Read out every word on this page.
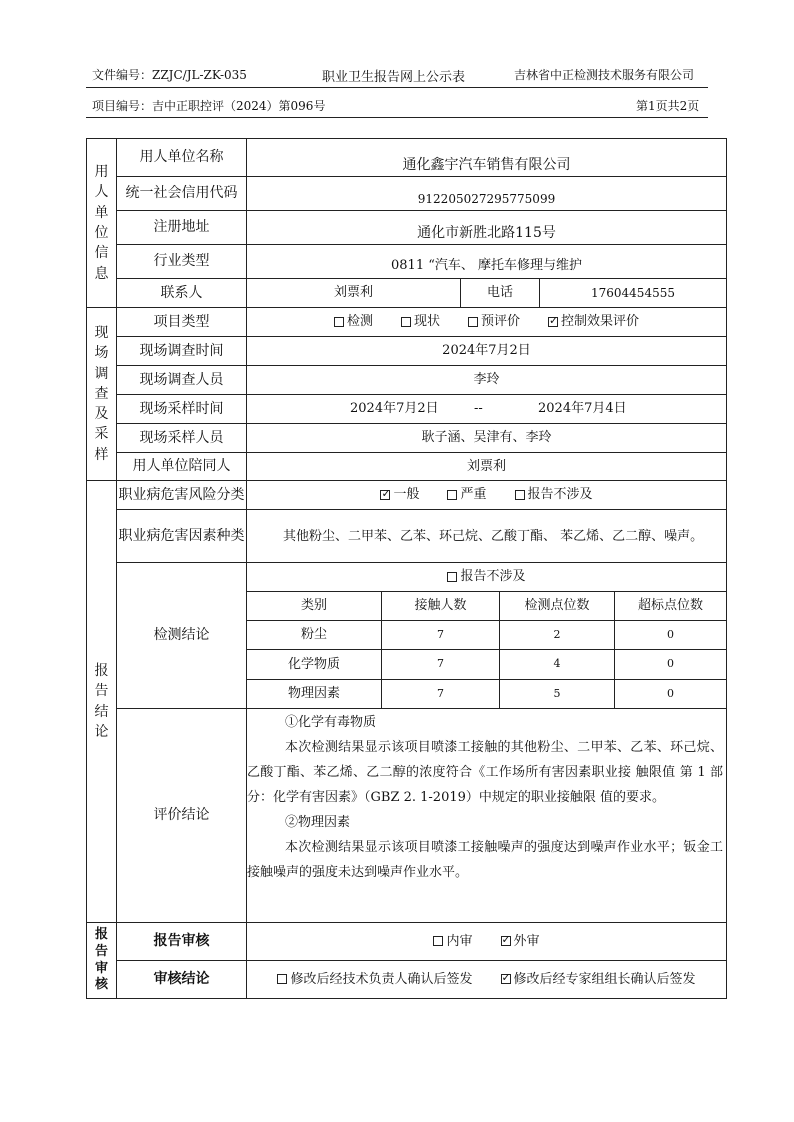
文件编号：ZZJC/JL-ZK-035	职业卫生报告网上公示表	吉林省中正检测技术服务有限公司
项目编号：吉中正职控评（2024）第096号	第1页共2页
用
人
单
位
信
息
用人单位名称	通化鑫宇汽车销售有限公司
统一社会信用代码	912205027295775099
注册地址	通化市新胜北路115号
行业类型	0811 “汽车、 摩托车修理与维护
联系人	刘票利	电话	17604454555
现
场
调
查
及
采
样
项目类型	检测	现状	预评价 ✓	控制效果评价
现场调查时间	2024年7月2日
现场调查人员	李玲
现场采样时间	2024年7月2日	--	2024年7月4日
现场采样人员	耿子涵、吴津有、李玲
用人单位陪同人	刘票利
报
告
结
论
职业病危害风险分类 ✓	一般	严重	报告不涉及
职业病危害因素种类	其他粉尘、二甲苯、乙苯、环己烷、乙酸丁酯、 苯乙烯、乙二醇、噪声。
检测结论
报告不涉及
类别	接触人数	检测点位数	超标点位数
粉尘	7	2	0
化学物质	7	4	0
物理因素	7	5	0
评价结论

①化学有毒物质

本次检测结果显示该项目喷漆工接触的其他粉尘、二甲苯、乙苯、环己烷、乙酸丁酯、苯乙烯、乙二醇的浓度符合《工作场所有害因素职业接 触限值 第 1 部分：化学有害因素》（GBZ 2. 1-2019）中规定的职业接触限 值的要求。

②物理因素

本次检测结果显示该项目喷漆工接触噪声的强度达到噪声作业水平；钣金工接触噪声的强度未达到噪声作业水平。

报
告
审
核
报告审核	内审 ✓	外审
审核结论	修改后经技术负责人确认后签发 ✓	修改后经专家组组长确认后签发
